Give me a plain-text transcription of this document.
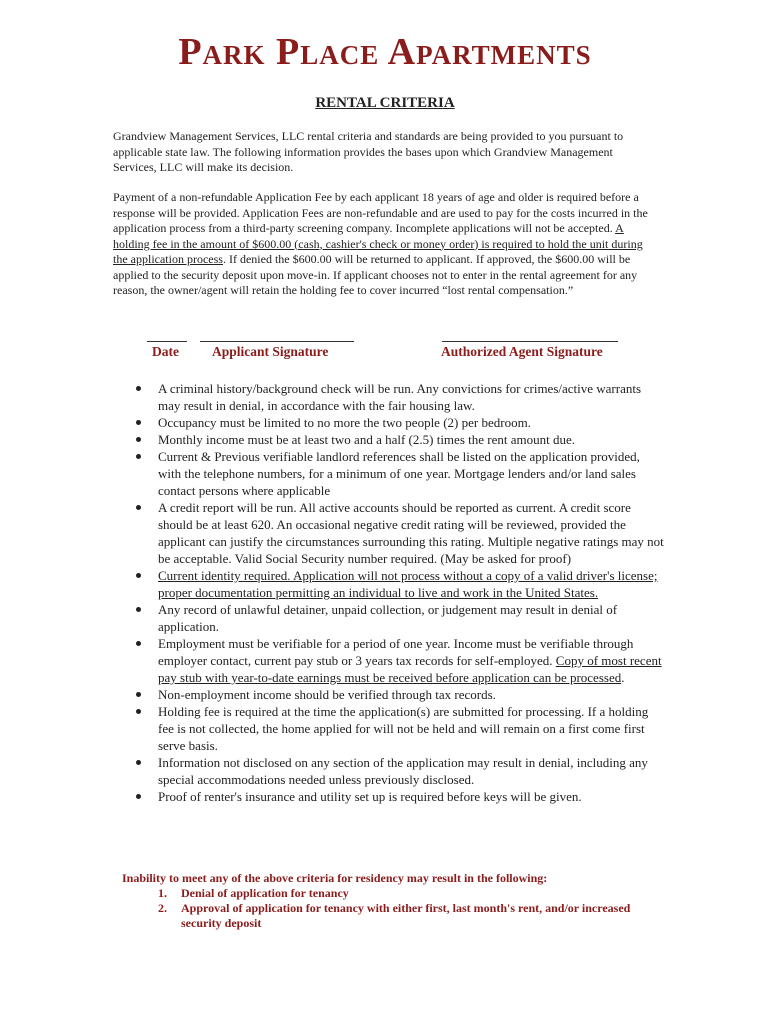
Park Place Apartments
RENTAL CRITERIA

Grandview Management Services, LLC rental criteria and standards are being provided to you pursuant to applicable state law. The following information provides the bases upon which Grandview Management Services, LLC will make its decision.

Payment of a non-refundable Application Fee by each applicant 18 years of age and older is required before a response will be provided. Application Fees are non-refundable and are used to pay for the costs incurred in the application process from a third-party screening company. Incomplete applications will not be accepted. A holding fee in the amount of $600.00 (cash, cashier's check or money order) is required to hold the unit during the application process. If denied the $600.00 will be returned to applicant. If approved, the $600.00 will be applied to the security deposit upon move-in. If applicant chooses not to enter in the rental agreement for any reason, the owner/agent will retain the holding fee to cover incurred “lost rental compensation.”

Date Applicant Signature	Authorized Agent Signature
A criminal history/background check will be run. Any convictions for crimes/active warrants may result in denial, in accordance with the fair housing law.
Occupancy must be limited to no more the two people (2) per bedroom.
Monthly income must be at least two and a half (2.5) times the rent amount due.
Current & Previous verifiable landlord references shall be listed on the application provided, with the telephone numbers, for a minimum of one year. Mortgage lenders and/or land sales contact persons where applicable
A credit report will be run. All active accounts should be reported as current. A credit score should be at least 620. An occasional negative credit rating will be reviewed, provided the applicant can justify the circumstances surrounding this rating. Multiple negative ratings may not be acceptable. Valid Social Security number required. (May be asked for proof)
Current identity required. Application will not process without a copy of a valid driver's license; proper documentation permitting an individual to live and work in the United States.
Any record of unlawful detainer, unpaid collection, or judgement may result in denial of application.
Employment must be verifiable for a period of one year. Income must be verifiable through employer contact, current pay stub or 3 years tax records for self-employed. Copy of most recent pay stub with year-to-date earnings must be received before application can be processed.
Non-employment income should be verified through tax records.
Holding fee is required at the time the application(s) are submitted for processing. If a holding fee is not collected, the home applied for will not be held and will remain on a first come first serve basis.
Information not disclosed on any section of the application may result in denial, including any special accommodations needed unless previously disclosed.
Proof of renter's insurance and utility set up is required before keys will be given.

Inability to meet any of the above criteria for residency may result in the following:

1. Denial of application for tenancy
2. Approval of application for tenancy with either first, last month's rent, and/or increased security deposit
